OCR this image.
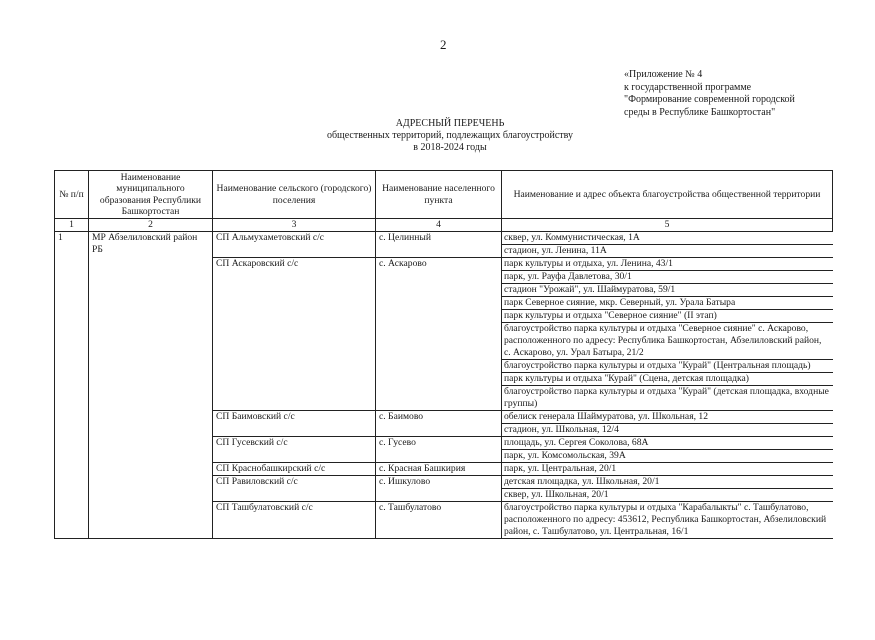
2
«Приложение № 4
к государственной программе
"Формирование современной городской
среды в Республике Башкортостан"
АДРЕСНЫЙ ПЕРЕЧЕНЬ
общественных территорий, подлежащих благоустройству
в 2018-2024 годы
№ п/п	Наименование муниципального образования Республики Башкортостан	Наименование сельского (городского) поселения	Наименование населенного пункта	Наименование и адрес объекта благоустройства общественной территории
1	2	3	4	5
1	МР Абзелиловский район РБ	СП Альмухаметовский с/с	с. Целинный	сквер, ул. Коммунистическая, 1А
				стадион, ул. Ленина, 11А
		СП Аскаровский с/с	с. Аскарово	парк культуры и отдыха, ул. Ленина, 43/1
				парк, ул. Рауфа Давлетова, 30/1
				стадион "Урожай", ул. Шаймуратова, 59/1
				парк Северное сияние, мкр. Северный, ул. Урала Батыра
				парк культуры и отдыха "Северное сияние" (II этап)
				благоустройство парка культуры и отдыха "Северное сияние" с. Аскарово, расположенного по адресу: Республика Башкортостан, Абзелиловский район, с. Аскарово, ул. Урал Батыра, 21/2
				благоустройство парка культуры и отдыха "Курай" (Центральная площадь)
				парк культуры и отдыха "Курай" (Сцена, детская площадка)
				благоустройство парка культуры и отдыха "Курай" (детская площадка, входные группы)
		СП Баимовский с/с	с. Баимово	обелиск генерала Шаймуратова, ул. Школьная, 12
				стадион, ул. Школьная, 12/4
		СП Гусевский с/с	с. Гусево	площадь, ул. Сергея Соколова, 68А
				парк, ул. Комсомольская, 39А
		СП Краснобашкирский с/с	с. Красная Башкирия	парк, ул. Центральная, 20/1
		СП Равиловский с/с	с. Ишкулово	детская площадка, ул. Школьная, 20/1
				сквер, ул. Школьная, 20/1
		СП Ташбулатовский с/с	с. Ташбулатово	благоустройство парка культуры и отдыха "Карабалыкты" с. Ташбулатово, расположенного по адресу: 453612, Республика Башкортостан, Абзелиловский район, с. Ташбулатово, ул. Центральная, 16/1
